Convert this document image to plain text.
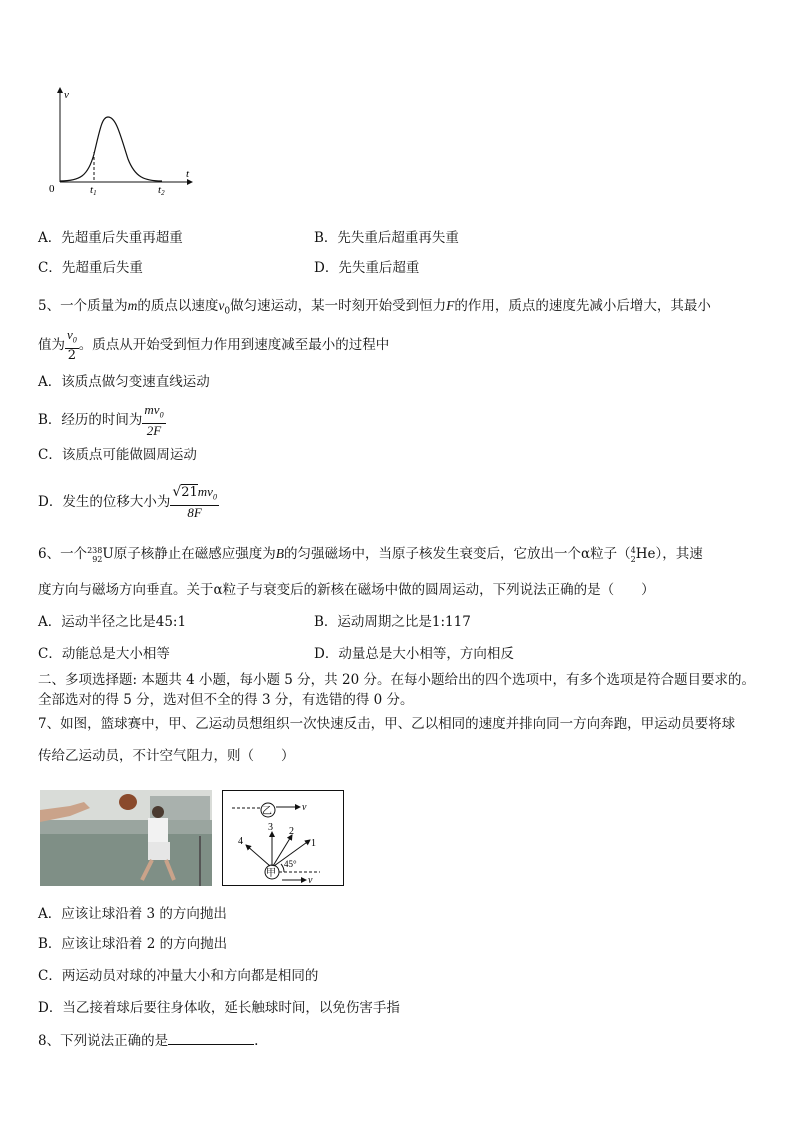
v
t
0	t1	t2
A．先超重后失重再超重	B．先失重后超重再失重
C．先超重后失重	D．先失重后超重
5、一个质量为m的质点以速度$v_0$做匀速运动，某一时刻开始受到恒力F的作用，质点的速度先减小后增大，其最小
值为 $\frac{v_0}{2}$ 。质点从开始受到恒力作用到速度减至最小的过程中
A．该质点做匀变速直线运动
B．经历的时间为 $\frac{mv_0}{2F}$
C．该质点可能做圆周运动
D．发生的位移大小为 $\frac{√21mv_0}{8F}$
6、一个 238
92 U原子核静止在磁感应强度为B的匀强磁场中，当原子核发生衰变后，它放出一个α粒子（ 4
2 He），其速
度方向与磁场方向垂直。关于α粒子与衰变后的新核在磁场中做的圆周运动，下列说法正确的是（　　）
A．运动半径之比是45:1	B．运动周期之比是1:117
C．动能总是大小相等	D．动量总是大小相等，方向相反
二、多项选择题: 本题共 4 小题，每小题 5 分，共 20 分。在每小题给出的四个选项中，有多个选项是符合题目要求的。
全部选对的得 5 分，选对但不全的得 3 分，有选错的得 0 分。
7、如图，篮球赛中，甲、乙运动员想组织一次快速反击，甲、乙以相同的速度并排向同一方向奔跑，甲运动员要将球
传给乙运动员，不计空气阻力，则（　　）
乙	v
甲
v
1
2
3
4
45°
A．应该让球沿着 3 的方向抛出
B．应该让球沿着 2 的方向抛出
C．两运动员对球的冲量大小和方向都是相同的
D．当乙接着球后要往身体收，延长触球时间，以免伤害手指
8、下列说法正确的是	.
